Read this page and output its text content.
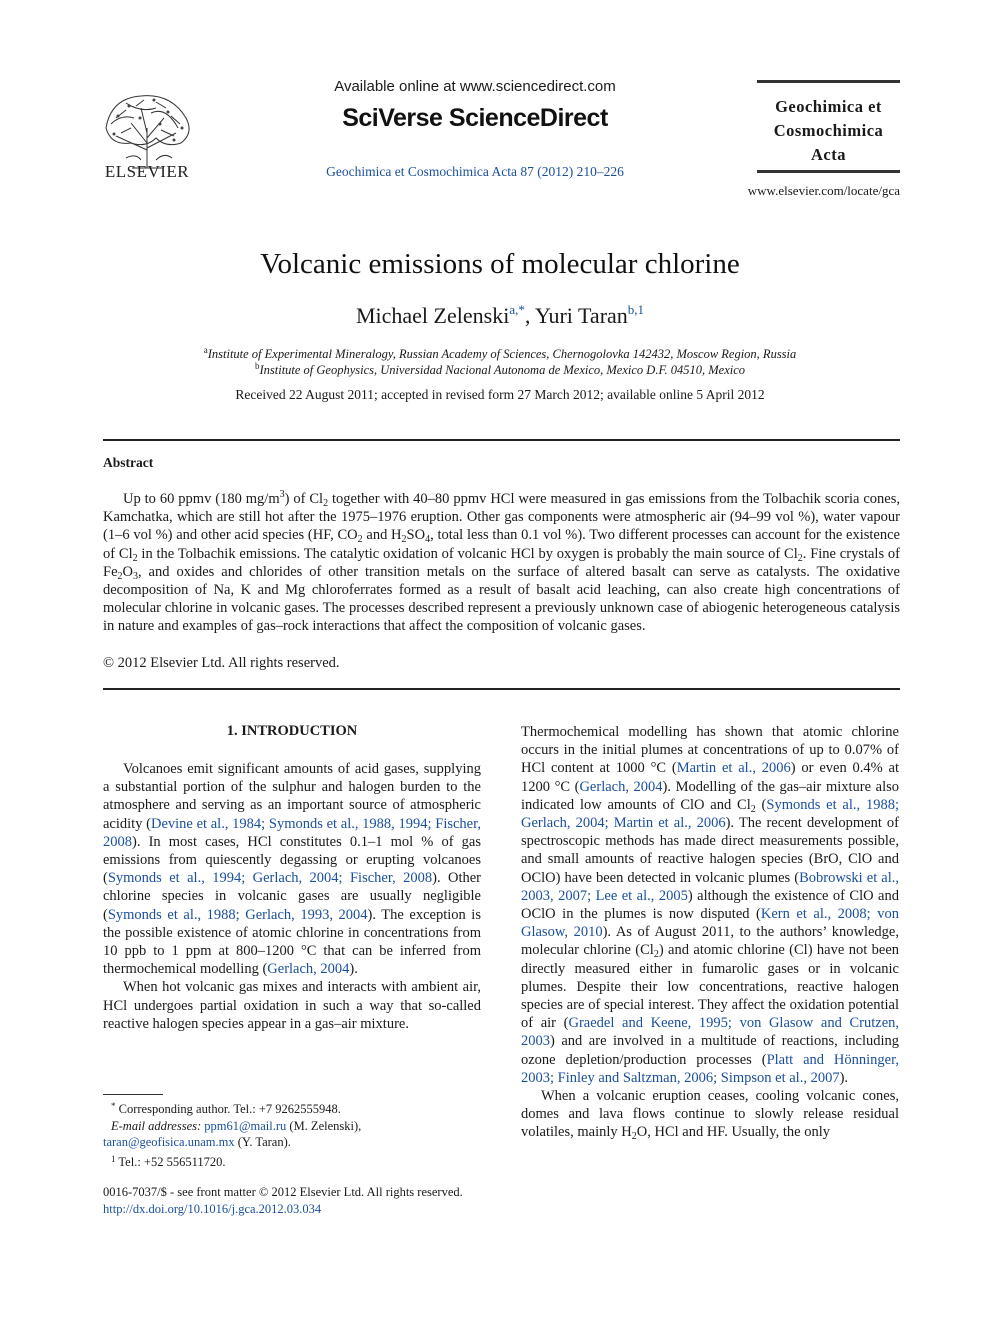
ELSEVIER
Available online at www.sciencedirect.com
SciVerse ScienceDirect
Geochimica et Cosmochimica Acta 87 (2012) 210–226
Geochimica et
Cosmochimica
Acta
www.elsevier.com/locate/gca
Volcanic emissions of molecular chlorine
Michael Zelenski$^{a,*}$, Yuri Taran$^{b,1}$
$^a$Institute of Experimental Mineralogy, Russian Academy of Sciences, Chernogolovka 142432, Moscow Region, Russia
$^b$Institute of Geophysics, Universidad Nacional Autonoma de Mexico, Mexico D.F. 04510, Mexico
Received 22 August 2011; accepted in revised form 27 March 2012; available online 5 April 2012
Abstract
Up to 60 ppmv (180 $mg/m^3$) of $Cl_2$ together with 40–80 ppmv HCl were measured in gas emissions from the Tolbachik scoria cones, Kamchatka, which are still hot after the 1975–1976 eruption. Other gas components were atmospheric air (94–99 vol %), water vapour (1–6 vol %) and other acid species (HF, $CO_2$ and $H_2SO_4$, total less than 0.1 vol %). Two different processes can account for the existence of $Cl_2$ in the Tolbachik emissions. The catalytic oxidation of volcanic HCl by oxygen is probably the main source of $Cl_2$. Fine crystals of $Fe_2O_3$, and oxides and chlorides of other transition metals on the surface of altered basalt can serve as catalysts. The oxidative decomposition of Na, K and Mg chloroferrates formed as a result of basalt acid leaching, can also create high concentrations of molecular chlorine in volcanic gases. The processes described represent a previously unknown case of abiogenic heterogeneous catalysis in nature and examples of gas–rock interactions that affect the composition of volcanic gases.
© 2012 Elsevier Ltd. All rights reserved.
1. INTRODUCTION

Volcanoes emit significant amounts of acid gases, supplying a substantial portion of the sulphur and halogen burden to the atmosphere and serving as an important source of atmospheric acidity (Devine et al., 1984; Symonds et al., 1988, 1994; Fischer, 2008). In most cases, HCl constitutes 0.1–1 mol % of gas emissions from quiescently degassing or erupting volcanoes (Symonds et al., 1994; Gerlach, 2004; Fischer, 2008). Other chlorine species in volcanic gases are usually negligible (Symonds et al., 1988; Gerlach, 1993, 2004). The exception is the possible existence of atomic chlorine in concentrations from 10 ppb to 1 ppm at 800–1200 °C that can be inferred from thermochemical modelling (Gerlach, 2004).

When hot volcanic gas mixes and interacts with ambient air, HCl undergoes partial oxidation in such a way that so-called reactive halogen species appear in a gas–air mixture.

Thermochemical modelling has shown that atomic chlorine occurs in the initial plumes at concentrations of up to 0.07% of HCl content at 1000 °C (Martin et al., 2006) or even 0.4% at 1200 °C (Gerlach, 2004). Modelling of the gas–air mixture also indicated low amounts of ClO and $Cl_2$ (Symonds et al., 1988; Gerlach, 2004; Martin et al., 2006). The recent development of spectroscopic methods has made direct measurements possible, and small amounts of reactive halogen species (BrO, ClO and OClO) have been detected in volcanic plumes (Bobrowski et al., 2003, 2007; Lee et al., 2005) although the existence of ClO and OClO in the plumes is now disputed (Kern et al., 2008; von Glasow, 2010). As of August 2011, to the authors’ knowledge, molecular chlorine $(Cl_2)$ and atomic chlorine (Cl) have not been directly measured either in fumarolic gases or in volcanic plumes. Despite their low concentrations, reactive halogen species are of special interest. They affect the oxidation potential of air (Graedel and Keene, 1995; von Glasow and Crutzen, 2003) and are involved in a multitude of reactions, including ozone depletion/production processes (Platt and Hönninger, 2003; Finley and Saltzman, 2006; Simpson et al., 2007).

When a volcanic eruption ceases, cooling volcanic cones, domes and lava flows continue to slowly release residual volatiles, mainly $H_2O$, HCl and HF. Usually, the only

* Corresponding author. Tel.: +7 9262555948.
E-mail addresses: ppm61@mail.ru (M. Zelenski), taran@geofisica.unam.mx (Y. Taran).
$^1$ Tel.: +52 556511720.
0016-7037/$ - see front matter © 2012 Elsevier Ltd. All rights reserved.
http://dx.doi.org/10.1016/j.gca.2012.03.034
